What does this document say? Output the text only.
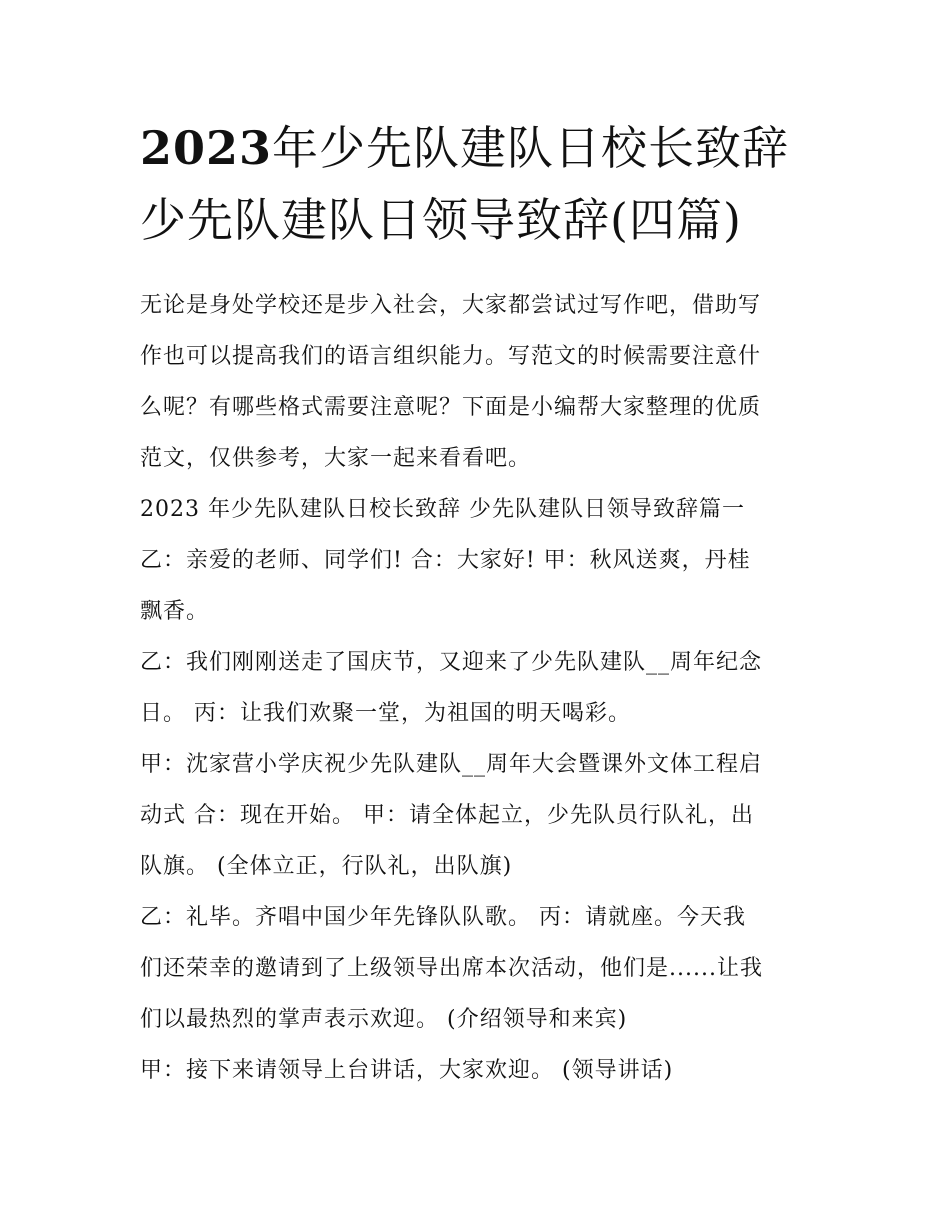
2023年少先队建队日校长致辞
少先队建队日领导致辞(四篇)

无论是身处学校还是步入社会，大家都尝试过写作吧，借助写
作也可以提高我们的语言组织能力。写范文的时候需要注意什
么呢？有哪些格式需要注意呢？下面是小编帮大家整理的优质
范文，仅供参考，大家一起来看看吧。

2023 年少先队建队日校长致辞 少先队建队日领导致辞篇一

乙：亲爱的老师、同学们! 合：大家好! 甲：秋风送爽，丹桂
飘香。

乙：我们刚刚送走了国庆节，又迎来了少先队建队__周年纪念
日。 丙：让我们欢聚一堂，为祖国的明天喝彩。

甲：沈家营小学庆祝少先队建队__周年大会暨课外文体工程启
动式 合：现在开始。 甲：请全体起立，少先队员行队礼，出
队旗。 (全体立正，行队礼，出队旗)

乙：礼毕。齐唱中国少年先锋队队歌。 丙：请就座。今天我
们还荣幸的邀请到了上级领导出席本次活动，他们是......让我
们以最热烈的掌声表示欢迎。 (介绍领导和来宾)

甲：接下来请领导上台讲话，大家欢迎。 (领导讲话)
